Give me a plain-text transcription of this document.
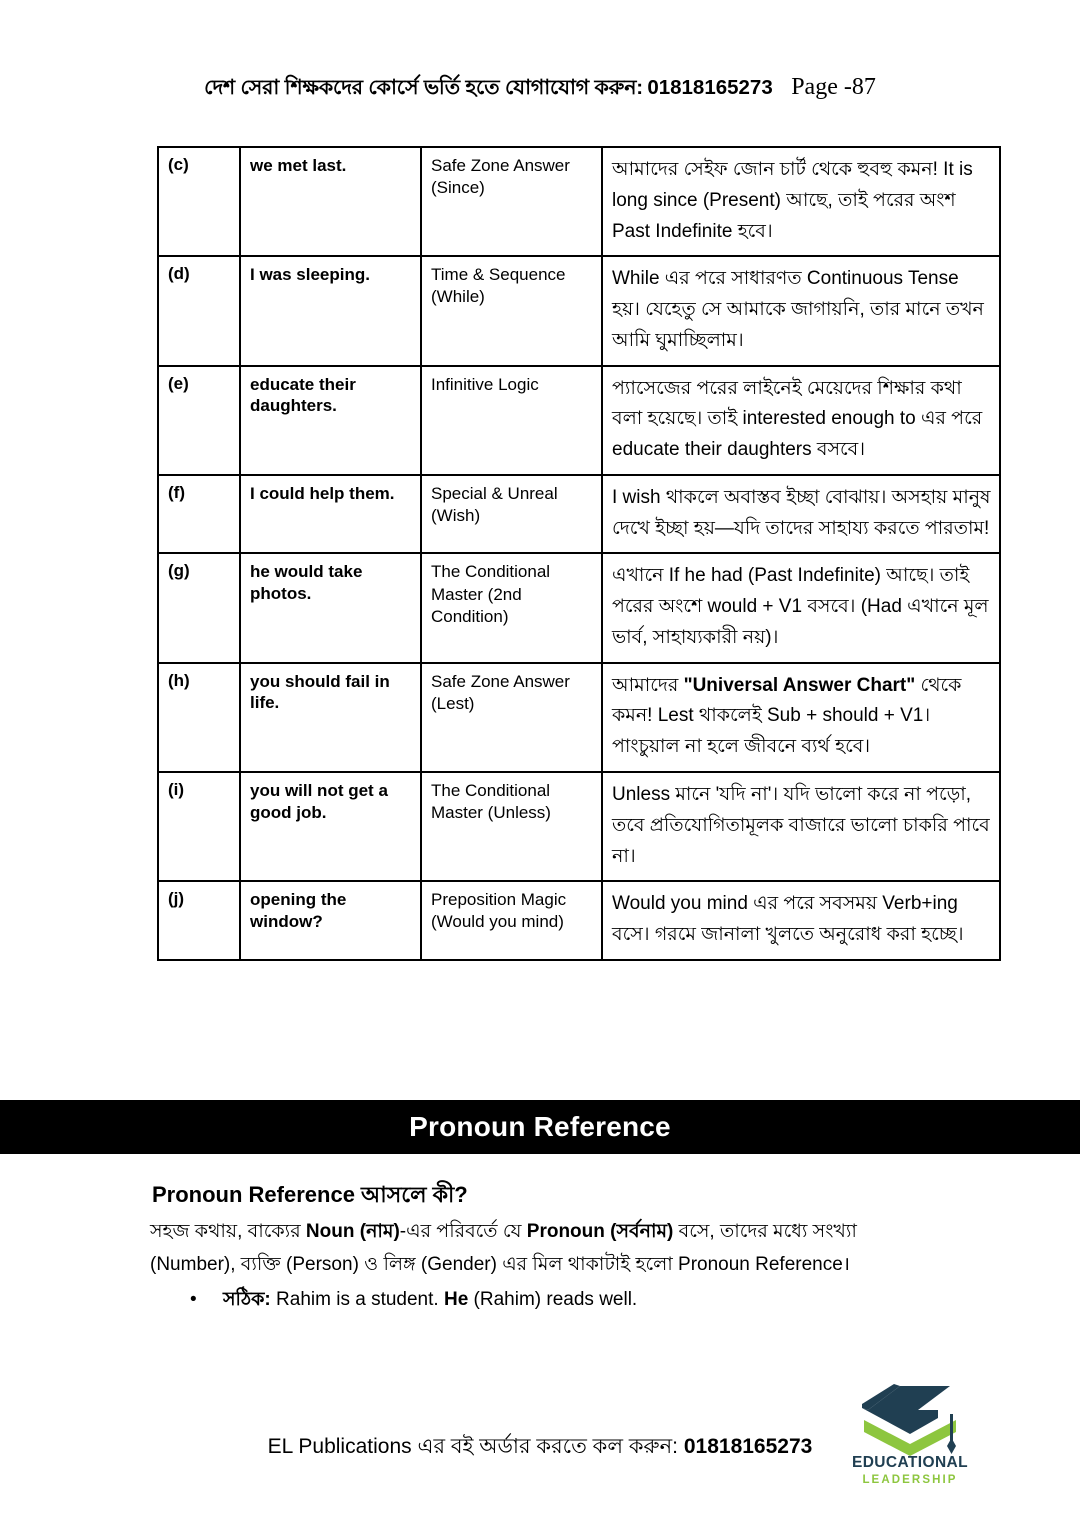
দেশ সেরা শিক্ষকদের কোর্সে ভর্তি হতে যোগাযোগ করুন: 01818165273 Page -87
(c)	we met last.	Safe Zone Answer (Since)	আমাদের সেইফ জোন চার্ট থেকে হুবহু কমন! It is long since (Present) আছে, তাই পরের অংশ Past Indefinite হবে।
(d)	I was sleeping.	Time & Sequence (While)	While এর পরে সাধারণত Continuous Tense হয়। যেহেতু সে আমাকে জাগায়নি, তার মানে তখন আমি ঘুমাচ্ছিলাম।
(e)	educate their daughters.	Infinitive Logic	প্যাসেজের পরের লাইনেই মেয়েদের শিক্ষার কথা বলা হয়েছে। তাই interested enough to এর পরে educate their daughters বসবে।
(f)	I could help them.	Special & Unreal (Wish)	I wish থাকলে অবাস্তব ইচ্ছা বোঝায়। অসহায় মানুষ দেখে ইচ্ছা হয়—যদি তাদের সাহায্য করতে পারতাম!
(g)	he would take photos.	The Conditional Master (2nd Condition)	এখানে If he had (Past Indefinite) আছে। তাই পরের অংশে would + V1 বসবে। (Had এখানে মূল ভার্ব, সাহায্যকারী নয়)।
(h)	you should fail in life.	Safe Zone Answer (Lest)	আমাদের "Universal Answer Chart" থেকে কমন! Lest থাকলেই Sub + should + V1। পাংচুয়াল না হলে জীবনে ব্যর্থ হবে।
(i)	you will not get a good job.	The Conditional Master (Unless)	Unless মানে 'যদি না'। যদি ভালো করে না পড়ো, তবে প্রতিযোগিতামূলক বাজারে ভালো চাকরি পাবে না।
(j)	opening the window?	Preposition Magic (Would you mind)	Would you mind এর পরে সবসময় Verb+ing বসে। গরমে জানালা খুলতে অনুরোধ করা হচ্ছে।
Pronoun Reference
Pronoun Reference আসলে কী?
সহজ কথায়, বাক্যের Noun (নাম)-এর পরিবর্তে যে Pronoun (সর্বনাম) বসে, তাদের মধ্যে সংখ্যা (Number), ব্যক্তি (Person) ও লিঙ্গ (Gender) এর মিল থাকাটাই হলো Pronoun Reference।
• সঠিক: Rahim is a student. He (Rahim) reads well.
EL Publications এর বই অর্ডার করতে কল করুন: 01818165273
EDUCATIONAL
LEADERSHIP
